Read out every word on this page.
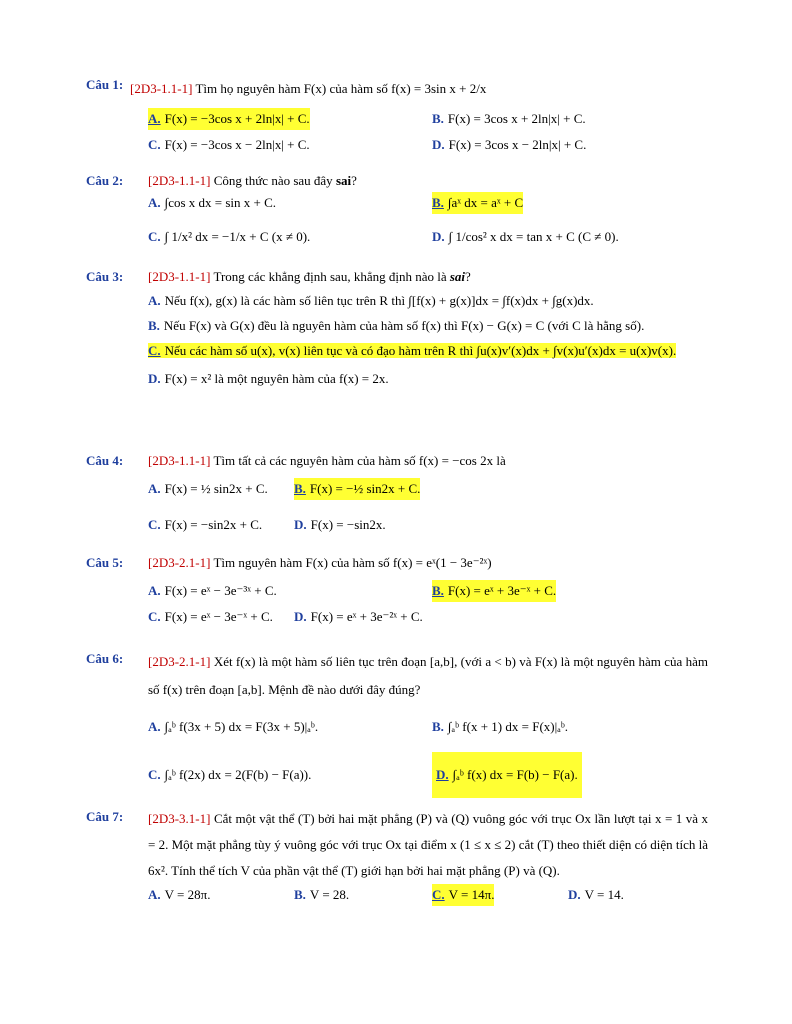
Câu 1: [2D3-1.1-1] Tìm họ nguyên hàm F(x) của hàm số f(x) = 3sin x + 2/x
A. F(x) = −3cos x + 2ln|x| + C.	B. F(x) = 3cos x + 2ln|x| + C.
C. F(x) = −3cos x − 2ln|x| + C.	D. F(x) = 3cos x − 2ln|x| + C.
Câu 2: [2D3-1.1-1] Công thức nào sau đây sai?
A. ∫cos x dx = sin x + C.	B. ∫aˣ dx = aˣ + C
C. ∫ 1/x² dx = −1/x + C (x ≠ 0).	D. ∫ 1/cos² x dx = tan x + C (C ≠ 0).
Câu 3: [2D3-1.1-1] Trong các khẳng định sau, khẳng định nào là sai?
A. Nếu f(x), g(x) là các hàm số liên tục trên R thì ∫[f(x) + g(x)]dx = ∫f(x)dx + ∫g(x)dx.
B. Nếu F(x) và G(x) đều là nguyên hàm của hàm số f(x) thì F(x) − G(x) = C (với C là hằng số).
C. Nếu các hàm số u(x), v(x) liên tục và có đạo hàm trên R thì ∫u(x)v′(x)dx + ∫v(x)u′(x)dx = u(x)v(x).
D. F(x) = x² là một nguyên hàm của f(x) = 2x.
Câu 4: [2D3-1.1-1] Tìm tất cả các nguyên hàm của hàm số f(x) = −cos 2x là
A. F(x) = ½ sin2x + C. B. F(x) = −½ sin2x + C.
C. F(x) = −sin2x + C. D. F(x) = −sin2x.
Câu 5: [2D3-2.1-1] Tìm nguyên hàm F(x) của hàm số f(x) = eˣ(1 − 3e⁻²ˣ)
A. F(x) = eˣ − 3e⁻³ˣ + C.	B. F(x) = eˣ + 3e⁻ˣ + C.
C. F(x) = eˣ − 3e⁻ˣ + C. D. F(x) = eˣ + 3e⁻²ˣ + C.
Câu 6: [2D3-2.1-1] Xét f(x) là một hàm số liên tục trên đoạn [a,b], (với a < b) và F(x) là một nguyên hàm của hàm số f(x) trên đoạn [a,b]. Mệnh đề nào dưới đây đúng?
A. ∫ₐᵇ f(3x + 5) dx = F(3x + 5)|ₐᵇ.	B. ∫ₐᵇ f(x + 1) dx = F(x)|ₐᵇ.
C. ∫ₐᵇ f(2x) dx = 2(F(b) − F(a)).	D. ∫ₐᵇ f(x) dx = F(b) − F(a).
Câu 7: [2D3-3.1-1] Cắt một vật thể (T) bởi hai mặt phẳng (P) và (Q) vuông góc với trục Ox lần lượt tại x = 1 và x = 2. Một mặt phẳng tùy ý vuông góc với trục Ox tại điểm x (1 ≤ x ≤ 2) cắt (T) theo thiết diện có diện tích là 6x². Tính thể tích V của phần vật thể (T) giới hạn bởi hai mặt phẳng (P) và (Q).
A. V = 28π.	B. V = 28.	C. V = 14π.	D. V = 14.
